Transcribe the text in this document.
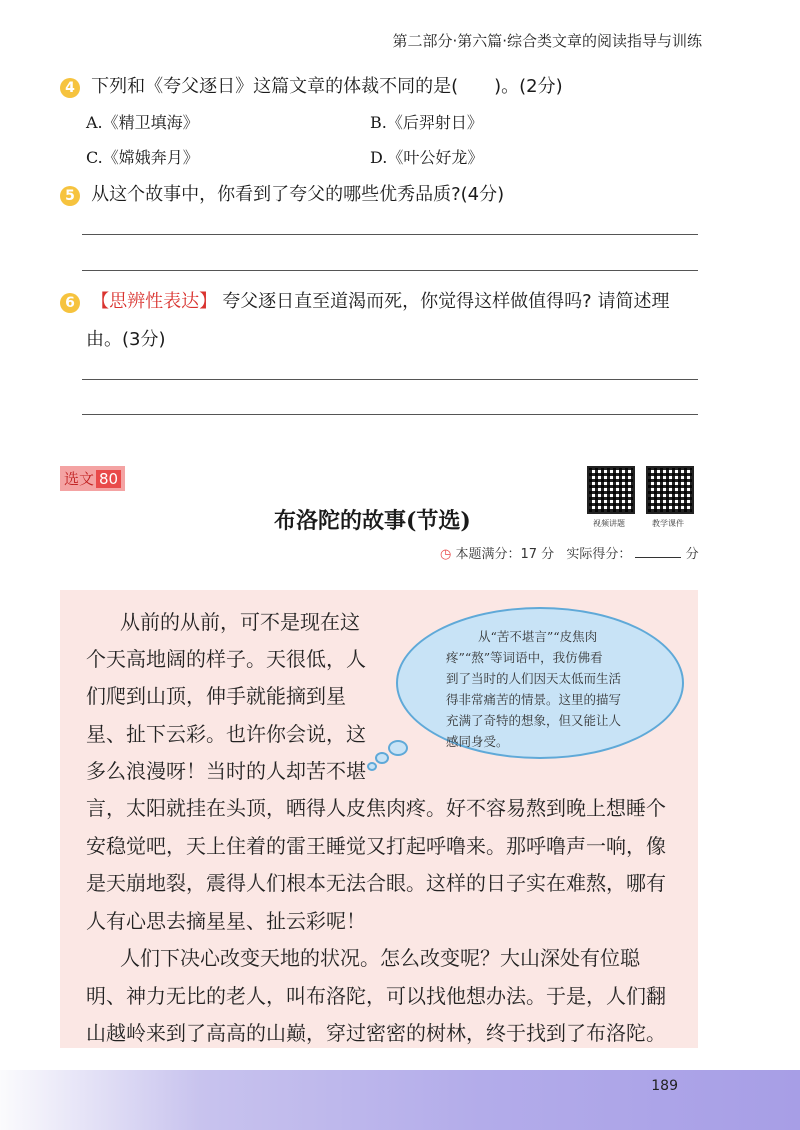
第二部分·第六篇·综合类文章的阅读指导与训练
4 下列和《夸父逐日》这篇文章的体裁不同的是(　　)。(2分)
A.《精卫填海》	B.《后羿射日》
C.《嫦娥奔月》	D.《叶公好龙》
5 从这个故事中，你看到了夸父的哪些优秀品质?(4分)
6 【思辨性表达】 夸父逐日直至道渴而死，你觉得这样做值得吗? 请简述理
由。(3分)
选文 80
布洛陀的故事(节选)	视频讲题	教学课件
◷ 本题满分：17 分 实际得分：	分
从前的从前，可不是现在这
个天高地阔的样子。天很低，人
们爬到山顶，伸手就能摘到星
星、扯下云彩。也许你会说，这
多么浪漫呀！当时的人却苦不堪
言，太阳就挂在头顶，晒得人皮焦肉疼。好不容易熬到晚上想睡个
安稳觉吧，天上住着的雷王睡觉又打起呼噜来。那呼噜声一响，像
是天崩地裂，震得人们根本无法合眼。这样的日子实在难熬，哪有
人有心思去摘星星、扯云彩呢！
人们下决心改变天地的状况。怎么改变呢？大山深处有位聪
明、神力无比的老人，叫布洛陀，可以找他想办法。于是，人们翻
山越岭来到了高高的山巅，穿过密密的树林，终于找到了布洛陀。
从“苦不堪言”“皮焦肉
疼”“熬”等词语中，我仿佛看
到了当时的人们因天太低而生活
得非常痛苦的情景。这里的描写
充满了奇特的想象，但又能让人
感同身受。
189
